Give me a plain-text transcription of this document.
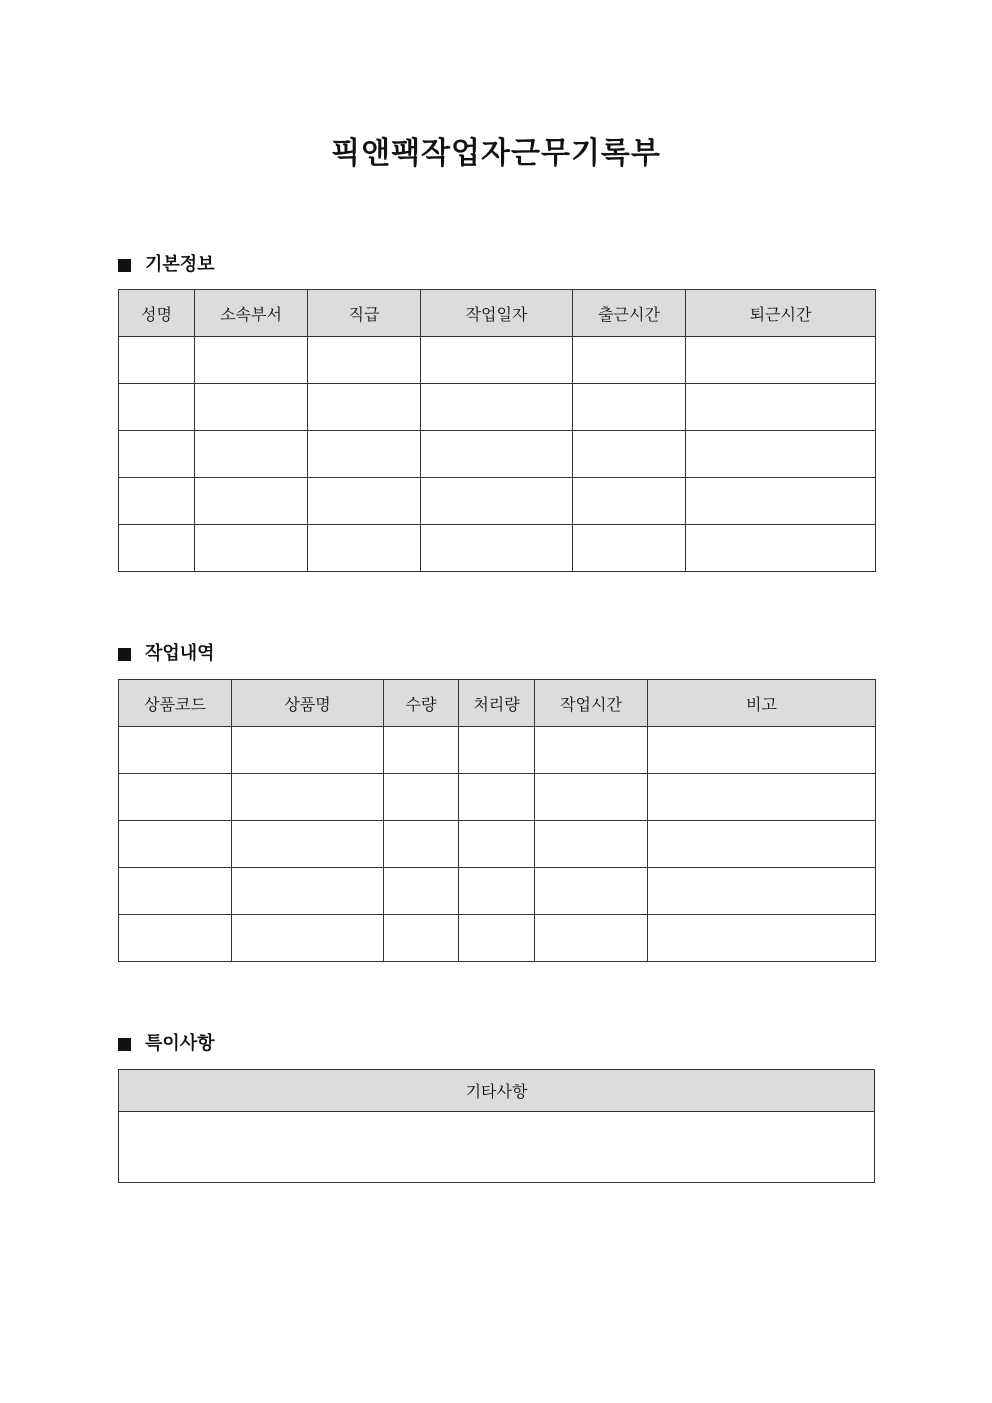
픽앤팩작업자근무기록부
기본정보
성명	소속부서	직급	작업일자	출근시간	퇴근시간

작업내역
상품코드	상품명	수량	처리량	작업시간	비고

특이사항
기타사항
